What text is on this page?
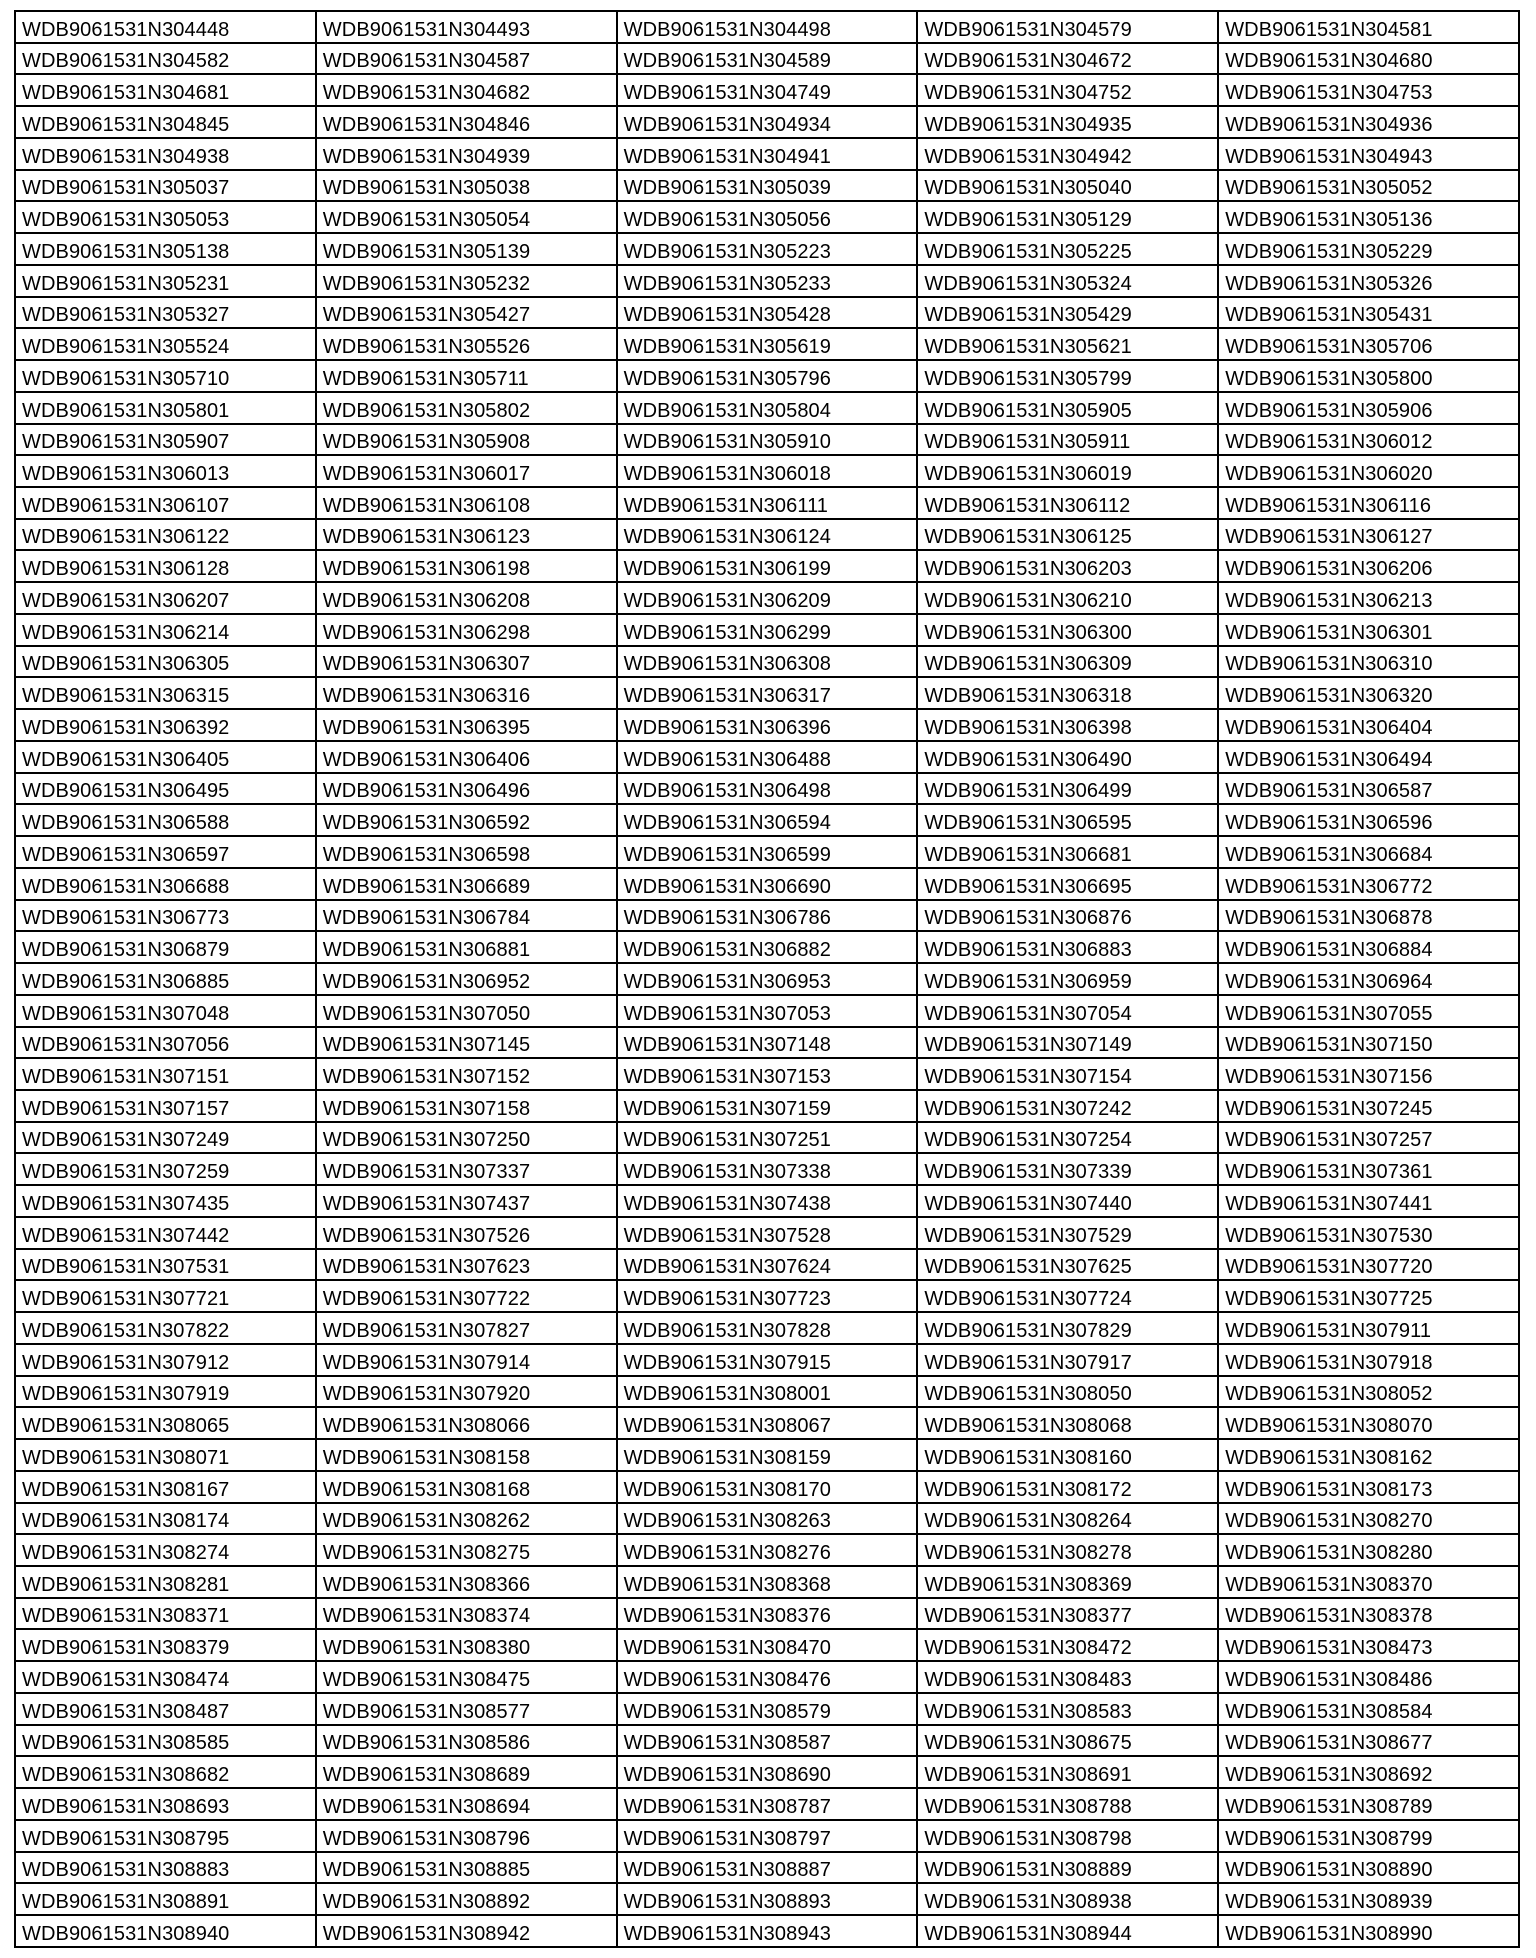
WDB9061531N304448	WDB9061531N304493	WDB9061531N304498	WDB9061531N304579	WDB9061531N304581
WDB9061531N304582	WDB9061531N304587	WDB9061531N304589	WDB9061531N304672	WDB9061531N304680
WDB9061531N304681	WDB9061531N304682	WDB9061531N304749	WDB9061531N304752	WDB9061531N304753
WDB9061531N304845	WDB9061531N304846	WDB9061531N304934	WDB9061531N304935	WDB9061531N304936
WDB9061531N304938	WDB9061531N304939	WDB9061531N304941	WDB9061531N304942	WDB9061531N304943
WDB9061531N305037	WDB9061531N305038	WDB9061531N305039	WDB9061531N305040	WDB9061531N305052
WDB9061531N305053	WDB9061531N305054	WDB9061531N305056	WDB9061531N305129	WDB9061531N305136
WDB9061531N305138	WDB9061531N305139	WDB9061531N305223	WDB9061531N305225	WDB9061531N305229
WDB9061531N305231	WDB9061531N305232	WDB9061531N305233	WDB9061531N305324	WDB9061531N305326
WDB9061531N305327	WDB9061531N305427	WDB9061531N305428	WDB9061531N305429	WDB9061531N305431
WDB9061531N305524	WDB9061531N305526	WDB9061531N305619	WDB9061531N305621	WDB9061531N305706
WDB9061531N305710	WDB9061531N305711	WDB9061531N305796	WDB9061531N305799	WDB9061531N305800
WDB9061531N305801	WDB9061531N305802	WDB9061531N305804	WDB9061531N305905	WDB9061531N305906
WDB9061531N305907	WDB9061531N305908	WDB9061531N305910	WDB9061531N305911	WDB9061531N306012
WDB9061531N306013	WDB9061531N306017	WDB9061531N306018	WDB9061531N306019	WDB9061531N306020
WDB9061531N306107	WDB9061531N306108	WDB9061531N306111	WDB9061531N306112	WDB9061531N306116
WDB9061531N306122	WDB9061531N306123	WDB9061531N306124	WDB9061531N306125	WDB9061531N306127
WDB9061531N306128	WDB9061531N306198	WDB9061531N306199	WDB9061531N306203	WDB9061531N306206
WDB9061531N306207	WDB9061531N306208	WDB9061531N306209	WDB9061531N306210	WDB9061531N306213
WDB9061531N306214	WDB9061531N306298	WDB9061531N306299	WDB9061531N306300	WDB9061531N306301
WDB9061531N306305	WDB9061531N306307	WDB9061531N306308	WDB9061531N306309	WDB9061531N306310
WDB9061531N306315	WDB9061531N306316	WDB9061531N306317	WDB9061531N306318	WDB9061531N306320
WDB9061531N306392	WDB9061531N306395	WDB9061531N306396	WDB9061531N306398	WDB9061531N306404
WDB9061531N306405	WDB9061531N306406	WDB9061531N306488	WDB9061531N306490	WDB9061531N306494
WDB9061531N306495	WDB9061531N306496	WDB9061531N306498	WDB9061531N306499	WDB9061531N306587
WDB9061531N306588	WDB9061531N306592	WDB9061531N306594	WDB9061531N306595	WDB9061531N306596
WDB9061531N306597	WDB9061531N306598	WDB9061531N306599	WDB9061531N306681	WDB9061531N306684
WDB9061531N306688	WDB9061531N306689	WDB9061531N306690	WDB9061531N306695	WDB9061531N306772
WDB9061531N306773	WDB9061531N306784	WDB9061531N306786	WDB9061531N306876	WDB9061531N306878
WDB9061531N306879	WDB9061531N306881	WDB9061531N306882	WDB9061531N306883	WDB9061531N306884
WDB9061531N306885	WDB9061531N306952	WDB9061531N306953	WDB9061531N306959	WDB9061531N306964
WDB9061531N307048	WDB9061531N307050	WDB9061531N307053	WDB9061531N307054	WDB9061531N307055
WDB9061531N307056	WDB9061531N307145	WDB9061531N307148	WDB9061531N307149	WDB9061531N307150
WDB9061531N307151	WDB9061531N307152	WDB9061531N307153	WDB9061531N307154	WDB9061531N307156
WDB9061531N307157	WDB9061531N307158	WDB9061531N307159	WDB9061531N307242	WDB9061531N307245
WDB9061531N307249	WDB9061531N307250	WDB9061531N307251	WDB9061531N307254	WDB9061531N307257
WDB9061531N307259	WDB9061531N307337	WDB9061531N307338	WDB9061531N307339	WDB9061531N307361
WDB9061531N307435	WDB9061531N307437	WDB9061531N307438	WDB9061531N307440	WDB9061531N307441
WDB9061531N307442	WDB9061531N307526	WDB9061531N307528	WDB9061531N307529	WDB9061531N307530
WDB9061531N307531	WDB9061531N307623	WDB9061531N307624	WDB9061531N307625	WDB9061531N307720
WDB9061531N307721	WDB9061531N307722	WDB9061531N307723	WDB9061531N307724	WDB9061531N307725
WDB9061531N307822	WDB9061531N307827	WDB9061531N307828	WDB9061531N307829	WDB9061531N307911
WDB9061531N307912	WDB9061531N307914	WDB9061531N307915	WDB9061531N307917	WDB9061531N307918
WDB9061531N307919	WDB9061531N307920	WDB9061531N308001	WDB9061531N308050	WDB9061531N308052
WDB9061531N308065	WDB9061531N308066	WDB9061531N308067	WDB9061531N308068	WDB9061531N308070
WDB9061531N308071	WDB9061531N308158	WDB9061531N308159	WDB9061531N308160	WDB9061531N308162
WDB9061531N308167	WDB9061531N308168	WDB9061531N308170	WDB9061531N308172	WDB9061531N308173
WDB9061531N308174	WDB9061531N308262	WDB9061531N308263	WDB9061531N308264	WDB9061531N308270
WDB9061531N308274	WDB9061531N308275	WDB9061531N308276	WDB9061531N308278	WDB9061531N308280
WDB9061531N308281	WDB9061531N308366	WDB9061531N308368	WDB9061531N308369	WDB9061531N308370
WDB9061531N308371	WDB9061531N308374	WDB9061531N308376	WDB9061531N308377	WDB9061531N308378
WDB9061531N308379	WDB9061531N308380	WDB9061531N308470	WDB9061531N308472	WDB9061531N308473
WDB9061531N308474	WDB9061531N308475	WDB9061531N308476	WDB9061531N308483	WDB9061531N308486
WDB9061531N308487	WDB9061531N308577	WDB9061531N308579	WDB9061531N308583	WDB9061531N308584
WDB9061531N308585	WDB9061531N308586	WDB9061531N308587	WDB9061531N308675	WDB9061531N308677
WDB9061531N308682	WDB9061531N308689	WDB9061531N308690	WDB9061531N308691	WDB9061531N308692
WDB9061531N308693	WDB9061531N308694	WDB9061531N308787	WDB9061531N308788	WDB9061531N308789
WDB9061531N308795	WDB9061531N308796	WDB9061531N308797	WDB9061531N308798	WDB9061531N308799
WDB9061531N308883	WDB9061531N308885	WDB9061531N308887	WDB9061531N308889	WDB9061531N308890
WDB9061531N308891	WDB9061531N308892	WDB9061531N308893	WDB9061531N308938	WDB9061531N308939
WDB9061531N308940	WDB9061531N308942	WDB9061531N308943	WDB9061531N308944	WDB9061531N308990
